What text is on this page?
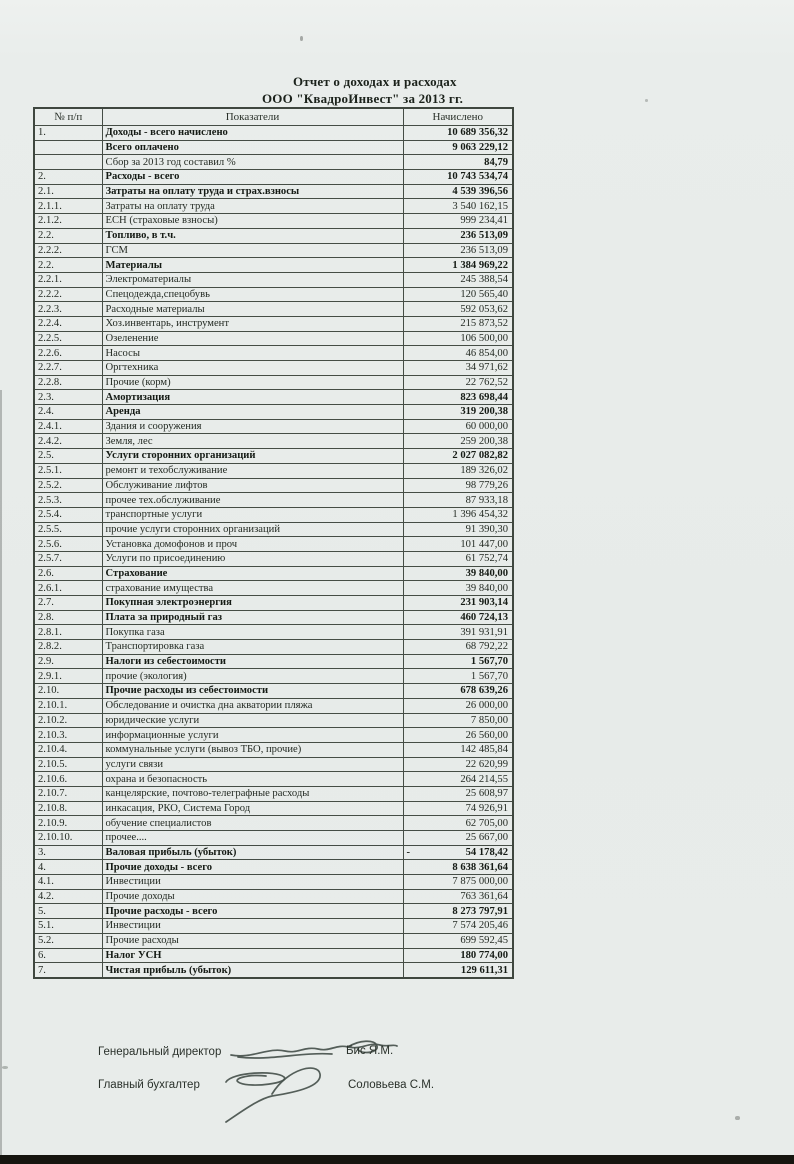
Отчет о доходах и расходах
ООО "КвадроИнвест" за 2013 гг.
№ п/п	Показатели	Начислено
1.	Доходы - всего начислено	10 689 356,32
	Всего оплачено	9 063 229,12
	Сбор за 2013 год составил %	84,79
2.	Расходы - всего	10 743 534,74
2.1.	Затраты на оплату труда и страх.взносы	4 539 396,56
2.1.1.	Затраты на оплату труда	3 540 162,15
2.1.2.	ЕСН (страховые взносы)	999 234,41
2.2.	Топливо, в т.ч.	236 513,09
2.2.2.	ГСМ	236 513,09
2.2.	Материалы	1 384 969,22
2.2.1.	Электроматериалы	245 388,54
2.2.2.	Спецодежда,спецобувь	120 565,40
2.2.3.	Расходные материалы	592 053,62
2.2.4.	Хоз.инвентарь, инструмент	215 873,52
2.2.5.	Озеленение	106 500,00
2.2.6.	Насосы	46 854,00
2.2.7.	Оргтехника	34 971,62
2.2.8.	Прочие (корм)	22 762,52
2.3.	Амортизация	823 698,44
2.4.	Аренда	319 200,38
2.4.1.	Здания и сооружения	60 000,00
2.4.2.	Земля, лес	259 200,38
2.5.	Услуги сторонних организаций	2 027 082,82
2.5.1.	ремонт и техобслуживание	189 326,02
2.5.2.	Обслуживание лифтов	98 779,26
2.5.3.	прочее тех.обслуживание	87 933,18
2.5.4.	транспортные услуги	1 396 454,32
2.5.5.	прочие услуги сторонних организаций	91 390,30
2.5.6.	Установка домофонов и проч	101 447,00
2.5.7.	Услуги по присоединению	61 752,74
2.6.	Страхование	39 840,00
2.6.1.	страхование имущества	39 840,00
2.7.	Покупная электроэнергия	231 903,14
2.8.	Плата за природный газ	460 724,13
2.8.1.	Покупка газа	391 931,91
2.8.2.	Транспортировка газа	68 792,22
2.9.	Налоги из себестоимости	1 567,70
2.9.1.	прочие (экология)	1 567,70
2.10.	Прочие расходы из себестоимости	678 639,26
2.10.1.	Обследование и очистка дна акватории пляжа	26 000,00
2.10.2.	юридические услуги	7 850,00
2.10.3.	информационные услуги	26 560,00
2.10.4.	коммунальные услуги (вывоз ТБО, прочие)	142 485,84
2.10.5.	услуги связи	22 620,99
2.10.6.	охрана и безопасность	264 214,55
2.10.7.	канцелярские, почтово-телеграфные расходы	25 608,97
2.10.8.	инкасация, РКО, Система Город	74 926,91
2.10.9.	обучение специалистов	62 705,00
2.10.10.	прочее....	25 667,00
3.	Валовая прибыль (убыток)	- 54 178,42
4.	Прочие доходы - всего	8 638 361,64
4.1.	Инвестиции	7 875 000,00
4.2.	Прочие доходы	763 361,64
5.	Прочие расходы - всего	8 273 797,91
5.1.	Инвестиции	7 574 205,46
5.2.	Прочие расходы	699 592,45
6.	Налог УСН	180 774,00
7.	Чистая прибыль (убыток)	129 611,31
Генеральный директор	Бис Я.М.
Главный бухгалтер	Соловьева С.М.
